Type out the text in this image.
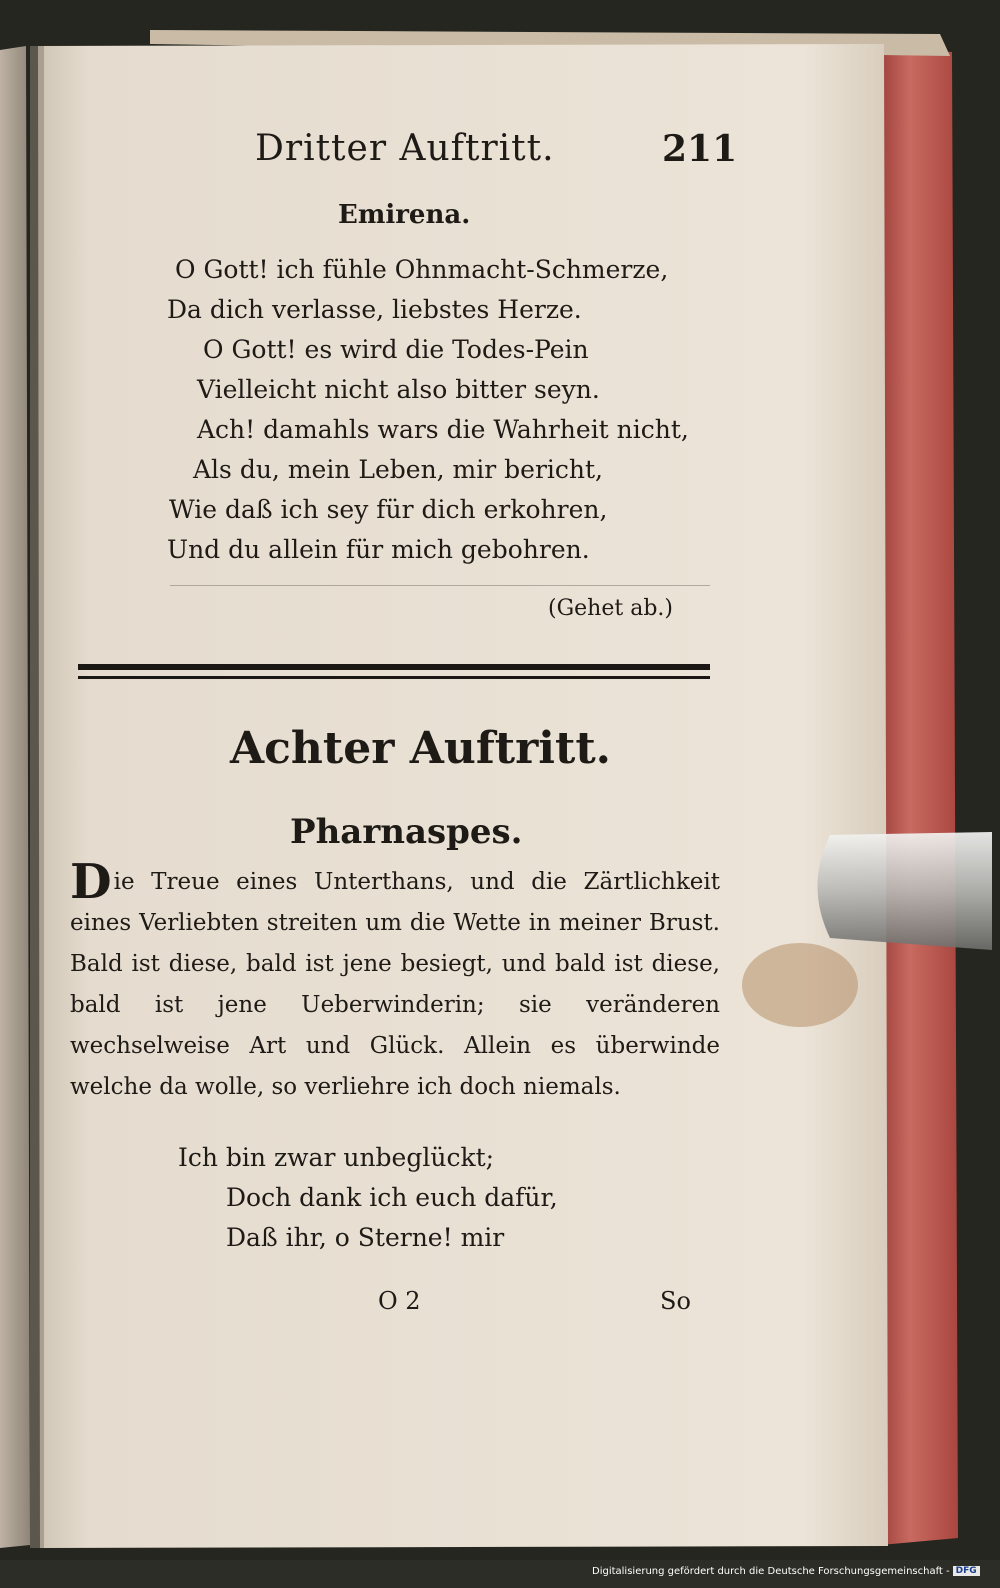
Dritter Auftritt.	211
Emirena.
O Gott! ich fühle Ohnmacht-Schmerze,
Da dich verlasse, liebstes Herze.
O Gott! es wird die Todes-Pein
Vielleicht nicht also bitter seyn.
Ach! damahls wars die Wahrheit nicht,
Als du, mein Leben, mir bericht,
Wie daß ich sey für dich erkohren,
Und du allein für mich gebohren.
(Gehet ab.)
Achter Auftritt.
Pharnaspes.
Die Treue eines Unterthans, und die Zärtlichkeit eines Verliebten streiten um die Wette in meiner Brust. Bald ist diese, bald ist jene besiegt, und bald ist diese, bald ist jene Ueberwinderin; sie veränderen wechselweise Art und Glück. Allein es überwinde welche da wolle, so verliehre ich doch niemals.
Ich bin zwar unbeglückt;
Doch dank ich euch dafür,
Daß ihr, o Sterne! mir
O 2	So
Digitalisierung gefördert durch die Deutsche Forschungsgemeinschaft - DFG
